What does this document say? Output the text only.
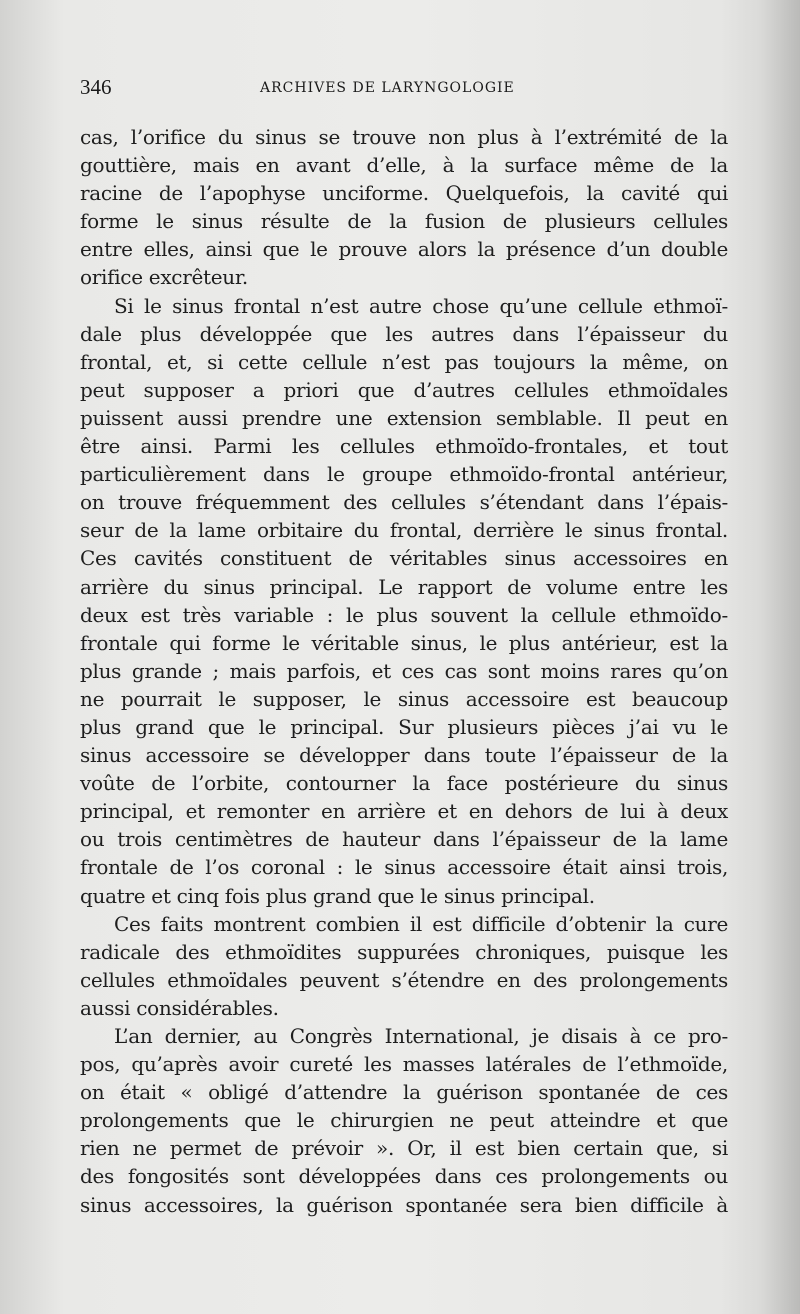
346	ARCHIVES DE LARYNGOLOGIE
cas, l’orifice du sinus se trouve non plus à l’extrémité de la
gouttière, mais en avant d’elle, à la surface même de la
racine de l’apophyse unciforme. Quelquefois, la cavité qui
forme le sinus résulte de la fusion de plusieurs cellules
entre elles, ainsi que le prouve alors la présence d’un double
orifice excrêteur.
Si le sinus frontal n’est autre chose qu’une cellule ethmoï-
dale plus développée que les autres dans l’épaisseur du
frontal, et, si cette cellule n’est pas toujours la même, on
peut supposer a priori que d’autres cellules ethmoïdales
puissent aussi prendre une extension semblable. Il peut en
être ainsi. Parmi les cellules ethmoïdo-frontales, et tout
particulièrement dans le groupe ethmoïdo-frontal antérieur,
on trouve fréquemment des cellules s’étendant dans l’épais-
seur de la lame orbitaire du frontal, derrière le sinus frontal.
Ces cavités constituent de véritables sinus accessoires en
arrière du sinus principal. Le rapport de volume entre les
deux est très variable : le plus souvent la cellule ethmoïdo-
frontale qui forme le véritable sinus, le plus antérieur, est la
plus grande ; mais parfois, et ces cas sont moins rares qu’on
ne pourrait le supposer, le sinus accessoire est beaucoup
plus grand que le principal. Sur plusieurs pièces j’ai vu le
sinus accessoire se développer dans toute l’épaisseur de la
voûte de l’orbite, contourner la face postérieure du sinus
principal, et remonter en arrière et en dehors de lui à deux
ou trois centimètres de hauteur dans l’épaisseur de la lame
frontale de l’os coronal : le sinus accessoire était ainsi trois,
quatre et cinq fois plus grand que le sinus principal.
Ces faits montrent combien il est difficile d’obtenir la cure
radicale des ethmoïdites suppurées chroniques, puisque les
cellules ethmoïdales peuvent s’étendre en des prolongements
aussi considérables.
L’an dernier, au Congrès International, je disais à ce pro-
pos, qu’après avoir cureté les masses latérales de l’ethmoïde,
on était « obligé d’attendre la guérison spontanée de ces
prolongements que le chirurgien ne peut atteindre et que
rien ne permet de prévoir ». Or, il est bien certain que, si
des fongosités sont développées dans ces prolongements ou
sinus accessoires, la guérison spontanée sera bien difficile à
